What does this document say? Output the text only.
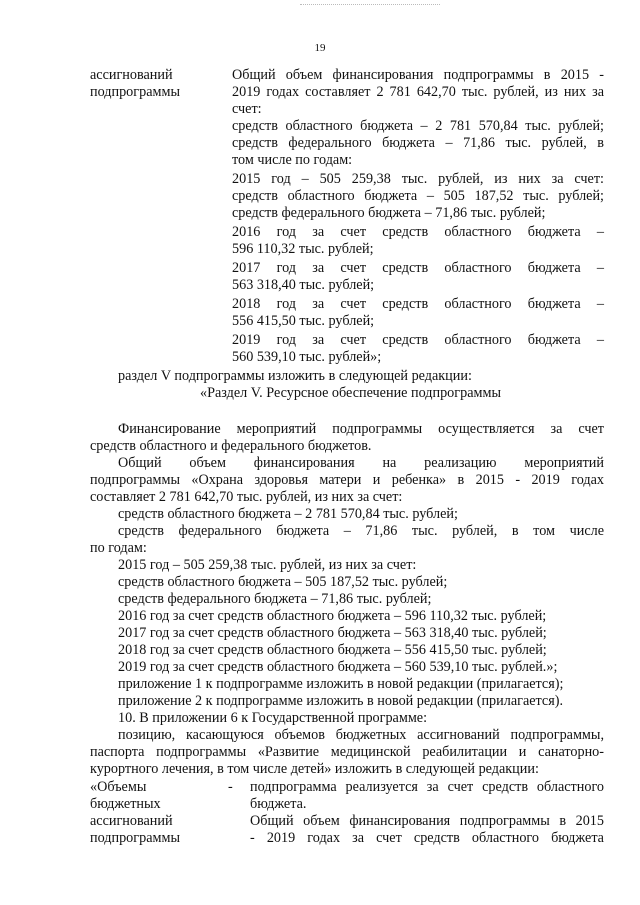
19
ассигнований
подпрограммы
Общий объем финансирования подпрограммы в 2015 -
2019 годах составляет 2 781 642,70 тыс. рублей, из них за
счет:
средств областного бюджета – 2 781 570,84 тыс. рублей;
средств федерального бюджета – 71,86 тыс. рублей, в
том числе по годам:
2015 год – 505 259,38 тыс. рублей, из них за счет:
средств областного бюджета – 505 187,52 тыс. рублей;
средств федерального бюджета – 71,86 тыс. рублей;
2016 год за счет средств областного бюджета –
596 110,32 тыс. рублей;
2017 год за счет средств областного бюджета –
563 318,40 тыс. рублей;
2018 год за счет средств областного бюджета –
556 415,50 тыс. рублей;
2019 год за счет средств областного бюджета –
560 539,10 тыс. рублей»;
раздел V подпрограммы изложить в следующей редакции:
«Раздел V. Ресурсное обеспечение подпрограммы
Финансирование мероприятий подпрограммы осуществляется за счет
средств областного и федерального бюджетов.
Общий объем финансирования на реализацию мероприятий
подпрограммы «Охрана здоровья матери и ребенка» в 2015 - 2019 годах
составляет 2 781 642,70 тыс. рублей, из них за счет:
средств областного бюджета – 2 781 570,84 тыс. рублей;
средств федерального бюджета – 71,86 тыс. рублей, в том числе
по годам:
2015 год – 505 259,38 тыс. рублей, из них за счет:
средств областного бюджета – 505 187,52 тыс. рублей;
средств федерального бюджета – 71,86 тыс. рублей;
2016 год за счет средств областного бюджета – 596 110,32 тыс. рублей;
2017 год за счет средств областного бюджета – 563 318,40 тыс. рублей;
2018 год за счет средств областного бюджета – 556 415,50 тыс. рублей;
2019 год за счет средств областного бюджета – 560 539,10 тыс. рублей.»;
приложение 1 к подпрограмме изложить в новой редакции (прилагается);
приложение 2 к подпрограмме изложить в новой редакции (прилагается).
10. В приложении 6 к Государственной программе:
позицию, касающуюся объемов бюджетных ассигнований подпрограммы,
паспорта подпрограммы «Развитие медицинской реабилитации и санаторно-
курортного лечения, в том числе детей» изложить в следующей редакции:
«Объемы
бюджетных
ассигнований
подпрограммы
- подпрограмма реализуется за счет средств областного
бюджета.
Общий объем финансирования подпрограммы в 2015
- 2019 годах за счет средств областного бюджета
